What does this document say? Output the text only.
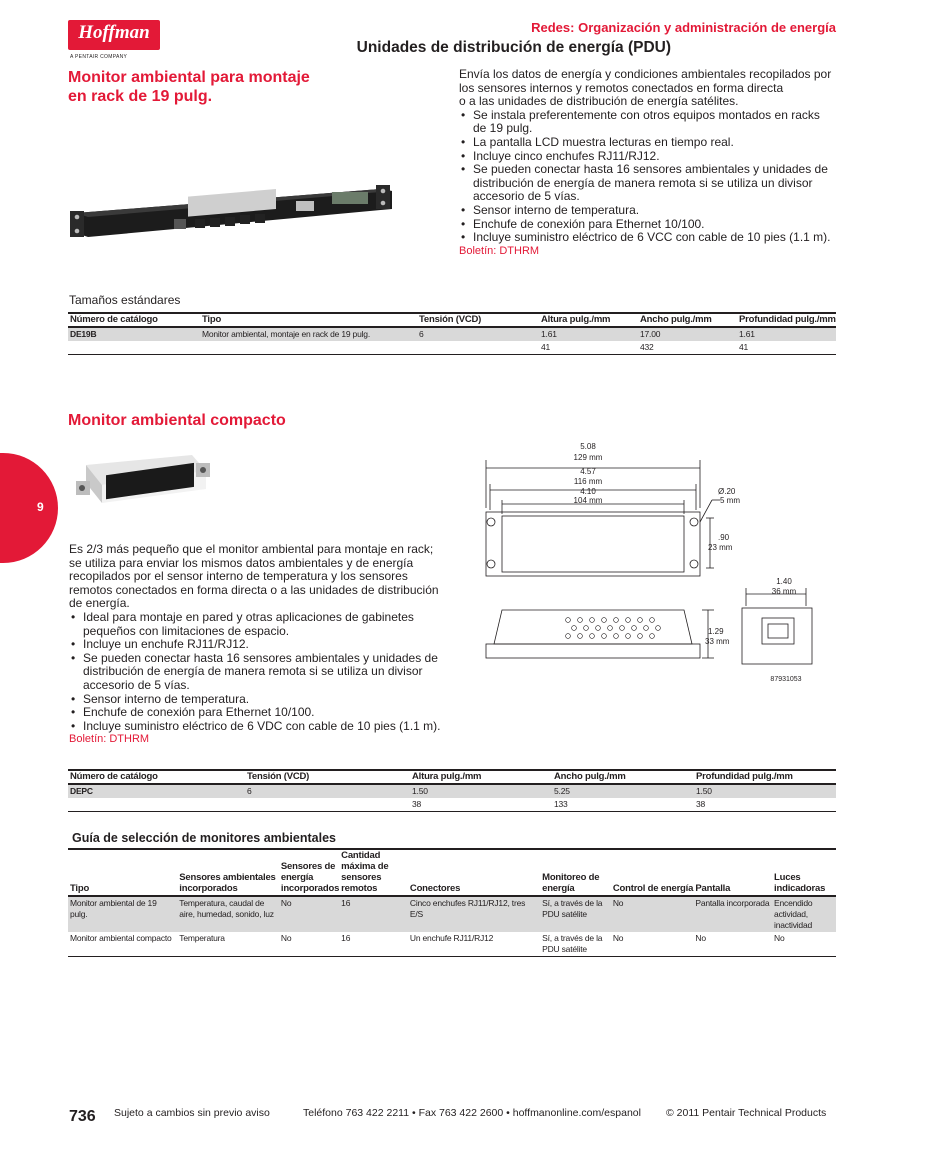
Hoffman
A PENTAIR COMPANY
Redes: Organización y administración de energía
Unidades de distribución de energía (PDU)
Monitor ambiental para montaje
en rack de 19 pulg.
Envía los datos de energía y condiciones ambientales recopilados por
los sensores internos y remotos conectados en forma directa
o a las unidades de distribución de energía satélites.
• Se instala preferentemente con otros equipos montados en racks
de 19 pulg.
• La pantalla LCD muestra lecturas en tiempo real.
• Incluye cinco enchufes RJ11/RJ12.
• Se pueden conectar hasta 16 sensores ambientales y unidades de
distribución de energía de manera remota si se utiliza un divisor
accesorio de 5 vías.
• Sensor interno de temperatura.
• Enchufe de conexión para Ethernet 10/100.
• Incluye suministro eléctrico de 6 VCC con cable de 10 pies (1.1 m).
Boletín: DTHRM
Tamaños estándares
Número de catálogo	Tipo	Tensión (VCD)	Altura pulg./mm	Ancho pulg./mm	Profundidad pulg./mm
DE19B	Monitor ambiental, montaje en rack de 19 pulg.	6	1.61	17.00	1.61
			41	432	41
Monitor ambiental compacto
Es 2/3 más pequeño que el monitor ambiental para montaje en rack;
se utiliza para enviar los mismos datos ambientales y de energía
recopilados por el sensor interno de temperatura y los sensores
remotos conectados en forma directa o a las unidades de distribución
de energía.
• Ideal para montaje en pared y otras aplicaciones de gabinetes
pequeños con limitaciones de espacio.
• Incluye un enchufe RJ11/RJ12.
• Se pueden conectar hasta 16 sensores ambientales y unidades de
distribución de energía de manera remota si se utiliza un divisor
accesorio de 5 vías.
• Sensor interno de temperatura.
• Enchufe de conexión para Ethernet 10/100.
• Incluye suministro eléctrico de 6 VDC con cable de 10 pies (1.1 m).
Boletín: DTHRM
5.08
129 mm
4.57
116 mm
4.10
104 mm
Ø.20
5 mm
.90
23 mm
1.29
33 mm
1.40
36 mm
87931053
Número de catálogo	Tensión (VCD)	Altura pulg./mm	Ancho pulg./mm	Profundidad pulg./mm
DEPC	6	1.50	5.25	1.50
		38	133	38
Guía de selección de monitores ambientales
Tipo	Sensores ambientales incorporados	Sensores de energía incorporados	Cantidad máxima de sensores remotos	Conectores	Monitoreo de energía	Control de energía	Pantalla	Luces indicadoras
Monitor ambiental de 19 pulg.	Temperatura, caudal de aire, humedad, sonido, luz	No	16	Cinco enchufes RJ11/RJ12, tres E/S	Sí, a través de la PDU satélite	No	Pantalla incorporada	Encendido actividad, inactividad
Monitor ambiental compacto	Temperatura	No	16	Un enchufe RJ11/RJ12	Sí, a través de la PDU satélite	No	No	No
9
736 Sujeto a cambios sin previo aviso	Teléfono 763 422 2211 • Fax 763 422 2600 • hoffmanonline.com/espanol © 2011 Pentair Technical Products
